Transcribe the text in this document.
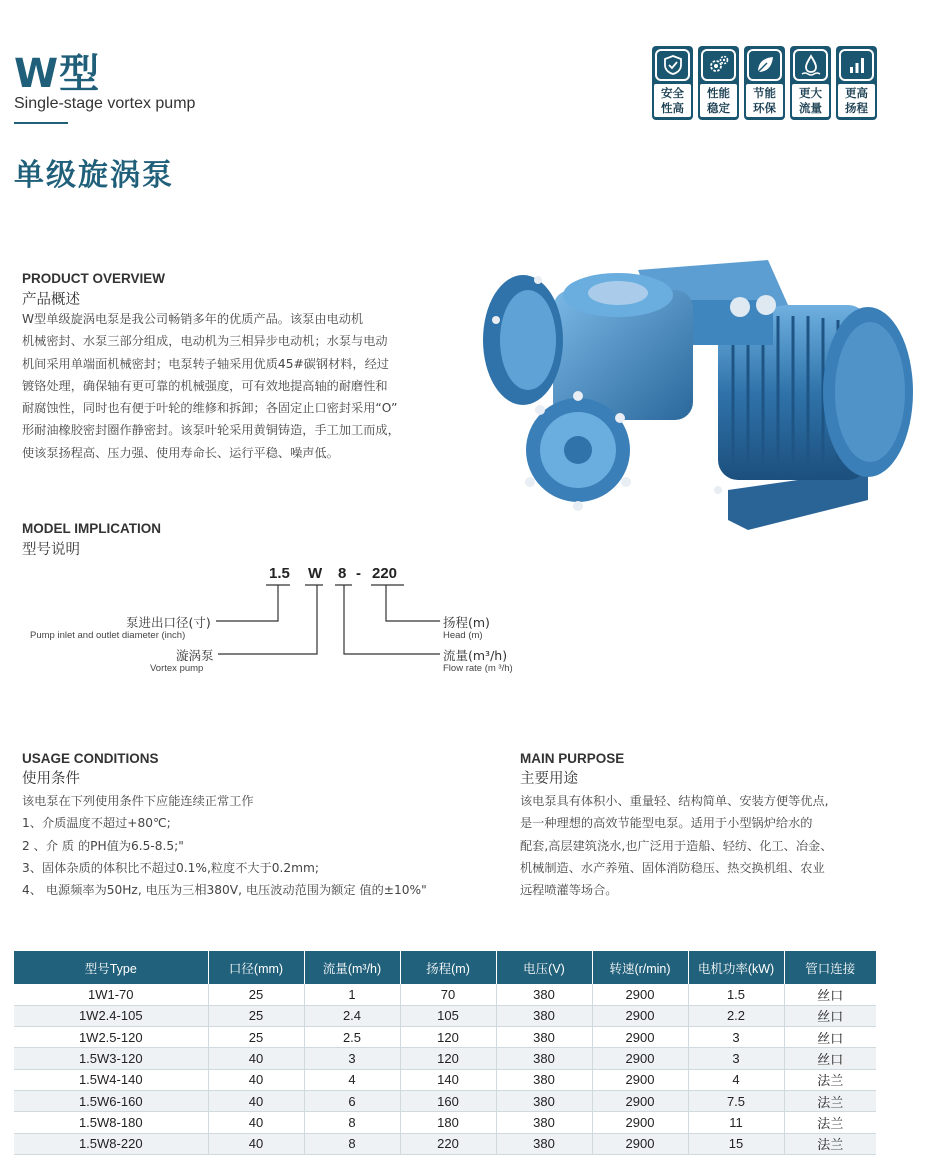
W型
Single-stage vortex pump
单级旋涡泵
安全
性高
性能
稳定
节能
环保
更大
流量
更高
扬程
PRODUCT OVERVIEW
产品概述
W型单级旋涡电泵是我公司畅销多年的优质产品。该泵由电动机
机械密封、水泵三部分组成，电动机为三相异步电动机；水泵与电动
机间采用单端面机械密封；电泵转子轴采用优质45#碳钢材料，经过
镀铬处理，确保轴有更可靠的机械强度，可有效地提高轴的耐磨性和
耐腐蚀性，同时也有便于叶轮的维修和拆卸；各固定止口密封采用“O”
形耐油橡胶密封圈作静密封。该泵叶轮采用黄铜铸造，手工加工而成，
使该泵扬程高、压力强、使用寿命长、运行平稳、噪声低。
MODEL IMPLICATION
型号说明
1.5 W 8 - 220
泵进出口径(寸)
Pump inlet and outlet diameter (inch)
漩涡泵
Vortex pump
扬程(m)
Head (m)
流量(m³/h)
Flow rate (m ³/h)
USAGE CONDITIONS
使用条件
该电泵在下列使用条件下应能连续正常工作
1、介质温度不超过+80℃;
2 、介 质 的PH值为6.5-8.5;"
3、固体杂质的体积比不超过0.1%,粒度不大于0.2mm;
4、 电源频率为50Hz, 电压为三相380V, 电压波动范围为额定 值的±10%"
MAIN PURPOSE
主要用途
该电泵具有体积小、重量轻、结构简单、安装方便等优点,
是一种理想的高效节能型电泵。适用于小型锅炉给水的
配套,高层建筑浇水,也广泛用于造船、轻纺、化工、冶金、
机械制造、水产养殖、固体消防稳压、热交换机组、农业
远程喷灌等场合。
型号Type	口径(mm)	流量(m³/h)	扬程(m)	电压(V)	转速(r/min)	电机功率(kW)	管口连接
1W1-70	25	1	70	380	2900	1.5	丝口
1W2.4-105	25	2.4	105	380	2900	2.2	丝口
1W2.5-120	25	2.5	120	380	2900	3	丝口
1.5W3-120	40	3	120	380	2900	3	丝口
1.5W4-140	40	4	140	380	2900	4	法兰
1.5W6-160	40	6	160	380	2900	7.5	法兰
1.5W8-180	40	8	180	380	2900	11	法兰
1.5W8-220	40	8	220	380	2900	15	法兰
